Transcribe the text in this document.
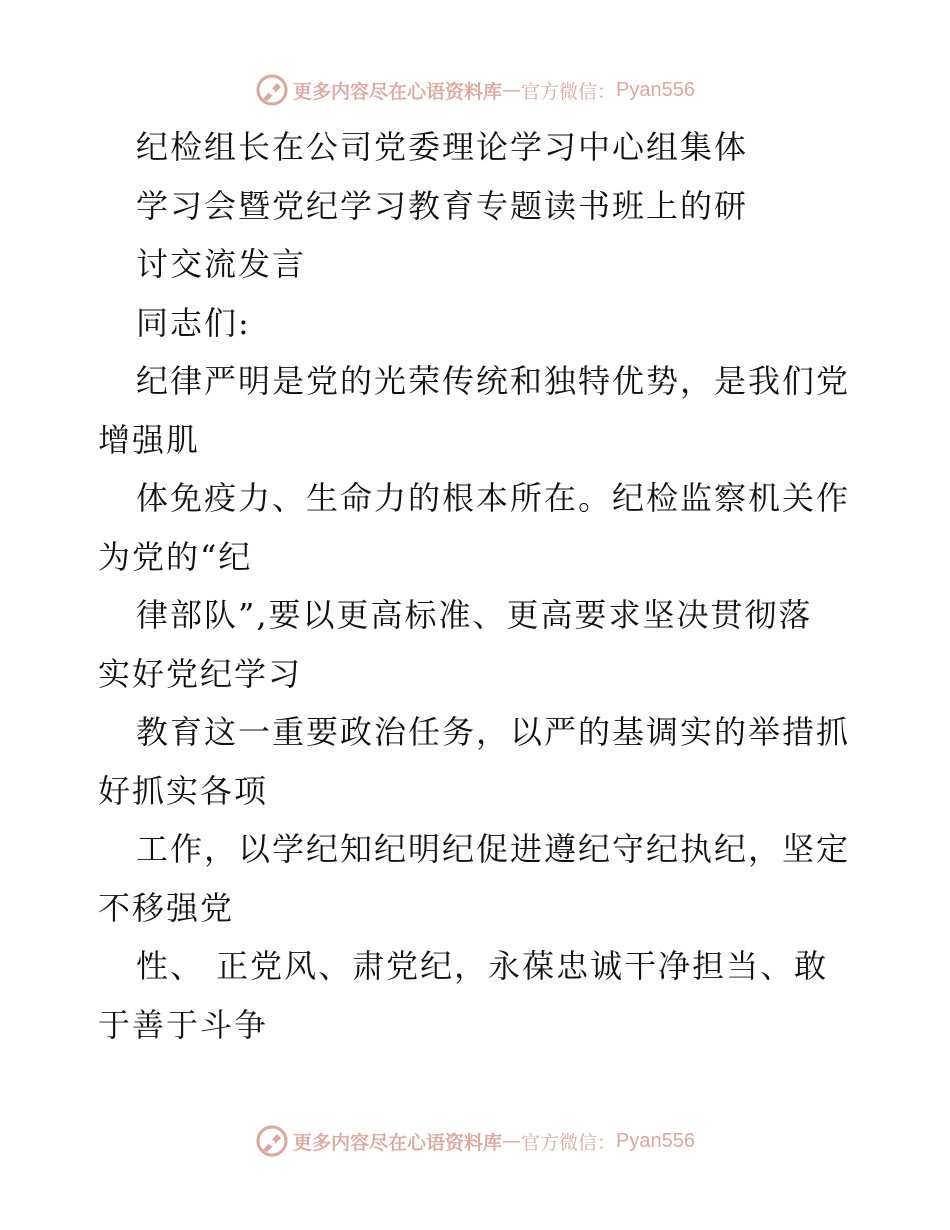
更多内容尽在心语资料库 — 官方微信： Pyan556
纪检组长在公司党委理论学习中心组集体
学习会暨党纪学习教育专题读书班上的研
讨交流发言
同志们:
纪律严明是党的光荣传统和独特优势，是我们党
增强肌
体免疫力、生命力的根本所在。纪检监察机关作
为党的“纪
律部队”,要以更高标准、更高要求坚决贯彻落
实好党纪学习
教育这一重要政治任务，以严的基调实的举措抓
好抓实各项
工作，以学纪知纪明纪促进遵纪守纪执纪，坚定
不移强党
性、 正党风、肃党纪，永葆忠诚干净担当、敢
于善于斗争
更多内容尽在心语资料库 — 官方微信： Pyan556
